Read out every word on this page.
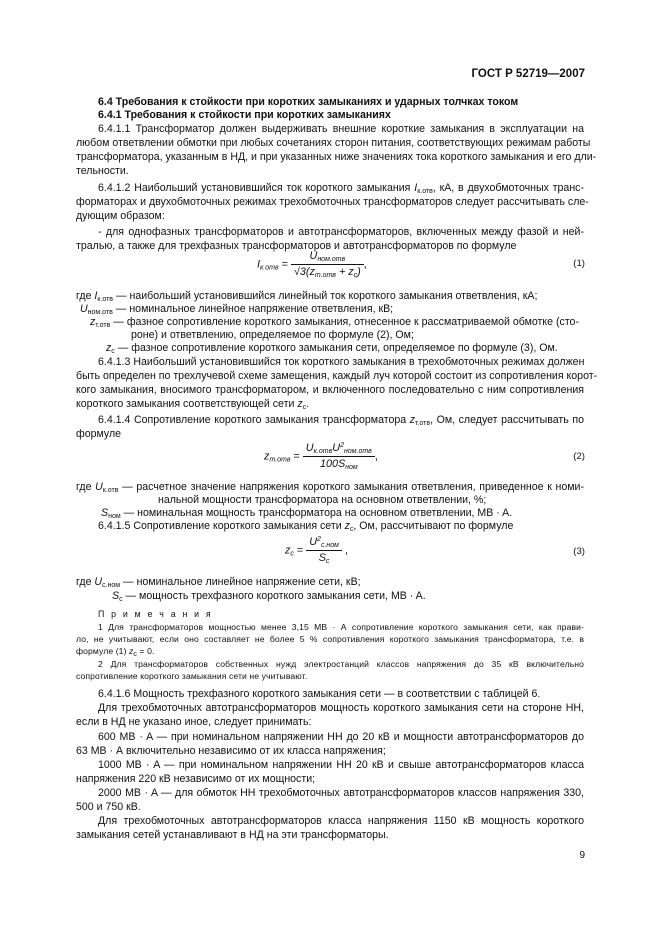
ГОСТ Р 52719—2007
6.4 Требования к стойкости при коротких замыканиях и ударных толчках током
6.4.1 Требования к стойкости при коротких замыканиях
6.4.1.1 Трансформатор должен выдерживать внешние короткие замыкания в эксплуатации на
любом ответвлении обмотки при любых сочетаниях сторон питания, соответствующих режимам работы
трансформатора, указанным в НД, и при указанных ниже значениях тока короткого замыкания и его дли-
тельности.
6.4.1.2 Наибольший установившийся ток короткого замыкания $I_{к.отв}$, кА, в двухобмоточных транс-
форматорах и двухобмоточных режимах трехобмоточных трансформаторов следует рассчитывать сле-
дующим образом:
- для однофазных трансформаторов и автотрансформаторов, включенных между фазой и ней-
тралью, а также для трехфазных трансформаторов и автотрансформаторов по формуле
$I_{к.отв} = \frac{U_{ном.отв}}{√3(z_{т.отв} + z_с)}$ ,	(1)
где $I_{к.отв}$ — наибольший установившийся линейный ток короткого замыкания ответвления, кА;
$U_{ном.отв}$ — номинальное линейное напряжение ответвления, кВ;
$z_{т.отв}$ — фазное сопротивление короткого замыкания, отнесенное к рассматриваемой обмотке (сто-
роне) и ответвлению, определяемое по формуле (2), Ом;
$z_с$ — фазное сопротивление короткого замыкания сети, определяемое по формуле (3), Ом.
6.4.1.3 Наибольший установившийся ток короткого замыкания в трехобмоточных режимах должен
быть определен по трехлучевой схеме замещения, каждый луч которой состоит из сопротивления корот-
кого замыкания, вносимого трансформатором, и включенного последовательно с ним сопротивления
короткого замыкания соответствующей сети $z_с$.
6.4.1.4 Сопротивление короткого замыкания трансформатора $z_{т.отв}$, Ом, следует рассчитывать по
формуле
$z_{т.отв} = \frac{U_{к.отв}U^2_{ном.отв}}{100S_{ном}}$ ,	(2)
где $U_{к.отв}$ — расчетное значение напряжения короткого замыкания ответвления, приведенное к номи-
нальной мощности трансформатора на основном ответвлении, %;
$S_{ном}$ — номинальная мощность трансформатора на основном ответвлении, MB · A.
6.4.1.5 Сопротивление короткого замыкания сети $z_с$, Ом, рассчитывают по формуле
$z_с = \frac{U^2_{с.ном}}{S_с}$ ,	(3)
где $U_{с.ном}$ — номинальное линейное напряжение сети, кВ;
$S_с$ — мощность трехфазного короткого замыкания сети, MB · A.
П р и м е ч а н и я
1 Для трансформаторов мощностью менее 3,15 МВ · А сопротивление короткого замыкания сети, как прави-
ло, не учитывают, если оно составляет не более 5 % сопротивления короткого замыкания трансформатора, т.е. в
формуле (1) $z_с = 0$.
2 Для трансформаторов собственных нужд электростанций классов напряжения до 35 кВ включительно
сопротивление короткого замыкания сети не учитывают.
6.4.1.6 Мощность трехфазного короткого замыкания сети — в соответствии с таблицей 6.
Для трехобмоточных автотрансформаторов мощность короткого замыкания сети на стороне НН,
если в НД не указано иное, следует принимать:
600 MB · A — при номинальном напряжении НН до 20 кВ и мощности автотрансформаторов до
63 МВ · А включительно независимо от их класса напряжения;
1000 MB · A — при номинальном напряжении НН 20 кВ и свыше автотрансформаторов класса
напряжения 220 кВ независимо от их мощности;
2000 MB · A — для обмоток НН трехобмоточных автотрансформаторов классов напряжения 330,
500 и 750 кВ.
Для трехобмоточных автотрансформаторов класса напряжения 1150 кВ мощность короткого
замыкания сетей устанавливают в НД на эти трансформаторы.
9
